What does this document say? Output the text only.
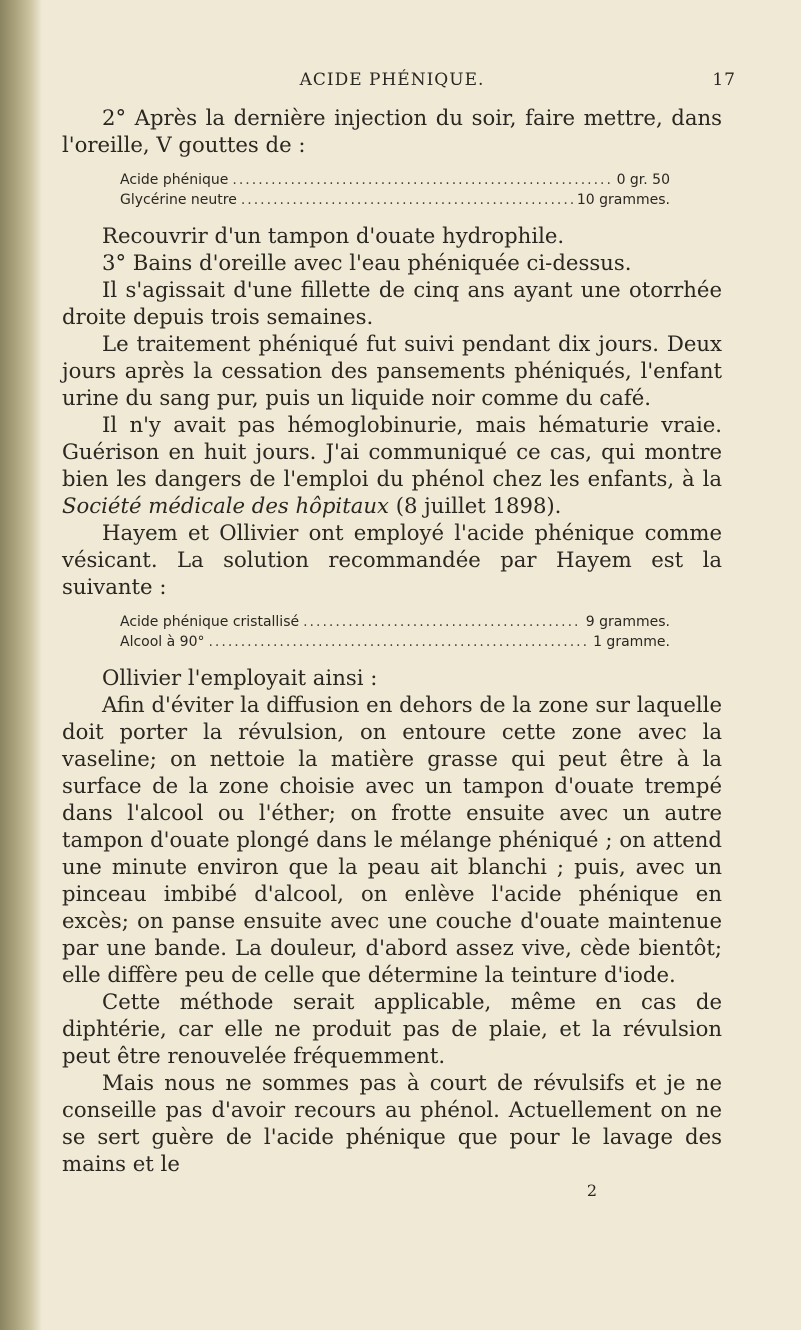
ACIDE PHÉNIQUE.	17

2° Après la dernière injection du soir, faire mettre, dans l'oreille, V gouttes de :

Acide phénique .....	0 gr. 50
Glycérine neutre .....	10 grammes.

Recouvrir d'un tampon d'ouate hydrophile.

3° Bains d'oreille avec l'eau phéniquée ci-dessus.

Il s'agissait d'une fillette de cinq ans ayant une otorrhée droite depuis trois semaines.

Le traitement phéniqué fut suivi pendant dix jours. Deux jours après la cessation des pansements phéniqués, l'enfant urine du sang pur, puis un liquide noir comme du café.

Il n'y avait pas hémoglobinurie, mais hématurie vraie. Guérison en huit jours. J'ai communiqué ce cas, qui montre bien les dangers de l'emploi du phénol chez les enfants, à la Société médicale des hôpitaux (8 juillet 1898).

Hayem et Ollivier ont employé l'acide phénique comme vésicant. La solution recommandée par Hayem est la suivante :

Acide phénique cristallisé .....	9 grammes.
Alcool à 90° .....	1 gramme.

Ollivier l'employait ainsi :

Afin d'éviter la diffusion en dehors de la zone sur laquelle doit porter la révulsion, on entoure cette zone avec la vaseline; on nettoie la matière grasse qui peut être à la surface de la zone choisie avec un tampon d'ouate trempé dans l'alcool ou l'éther; on frotte ensuite avec un autre tampon d'ouate plongé dans le mélange phéniqué ; on attend une minute environ que la peau ait blanchi ; puis, avec un pinceau imbibé d'alcool, on enlève l'acide phénique en excès; on panse ensuite avec une couche d'ouate maintenue par une bande. La douleur, d'abord assez vive, cède bientôt; elle diffère peu de celle que détermine la teinture d'iode.

Cette méthode serait applicable, même en cas de diphtérie, car elle ne produit pas de plaie, et la révulsion peut être renouvelée fréquemment.

Mais nous ne sommes pas à court de révulsifs et je ne conseille pas d'avoir recours au phénol. Actuellement on ne se sert guère de l'acide phénique que pour le lavage des mains et le

2
